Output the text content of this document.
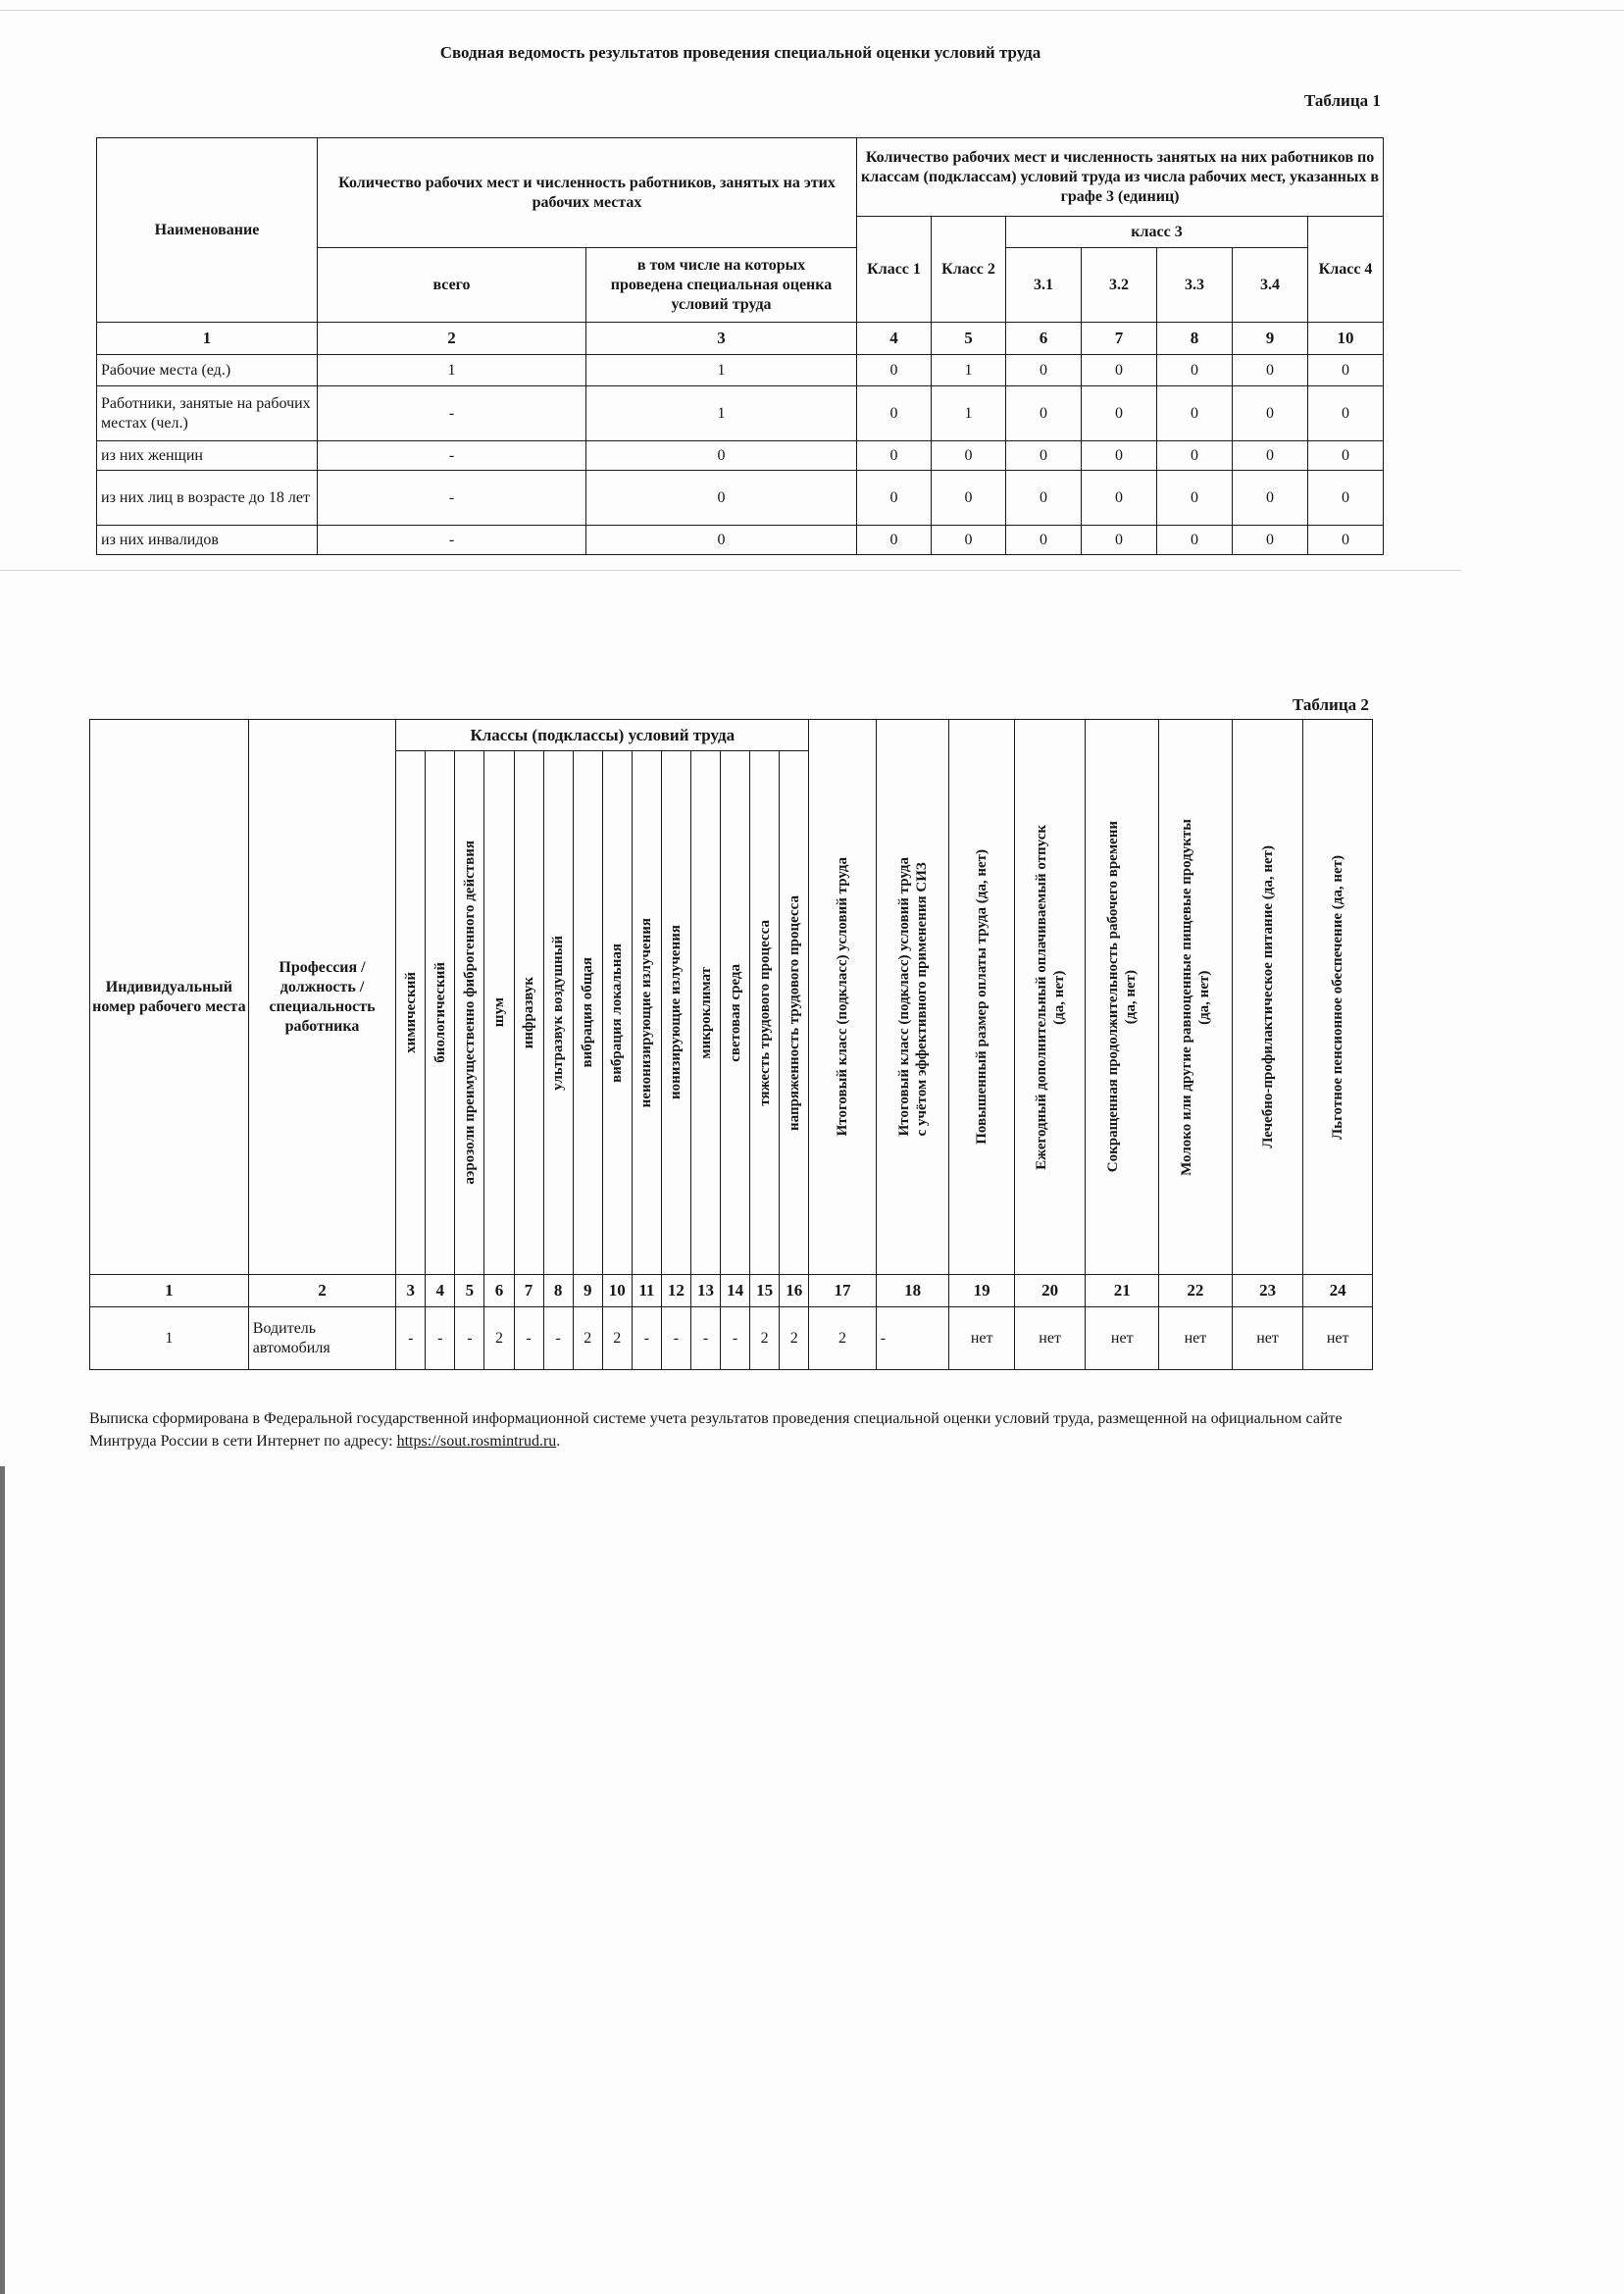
Сводная ведомость результатов проведения специальной оценки условий труда
Таблица 1
Наименование	Количество рабочих мест и численность работников, занятых на этих рабочих местах		Количество рабочих мест и численность занятых на них работников по классам (подклассам) условий труда из числа рабочих мест, указанных в графе 3 (единиц)						
			Класс 1	Класс 2	класс 3				Класс 4
	всего	в том числе на которых проведена специальная оценка условий труда			3.1	3.2	3.3	3.4	
1	2	3	4	5	6	7	8	9	10
Рабочие места (ед.)	1	1	0	1	0	0	0	0	0
Работники, занятые на рабочих местах (чел.)	-	1	0	1	0	0	0	0	0
из них женщин	-	0	0	0	0	0	0	0	0
из них лиц в возрасте до 18 лет	-	0	0	0	0	0	0	0	0
из них инвалидов	-	0	0	0	0	0	0	0	0
Таблица 2
Индивидуальный номер рабочего места	Профессия / должность / специальность работника	Классы (подклассы) условий труда														Итоговый класс (подкласс) условий труда	Итоговый класс (подкласс) условий труда с учётом эффективного применения СИЗ	Повышенный размер оплаты труда (да, нет)	Ежегодный дополнительный оплачиваемый отпуск (да, нет)	Сокращенная продолжительность рабочего времени (да, нет)	Молоко или другие равноценные пищевые продукты (да, нет)	Лечебно-профилактическое питание (да, нет)	Льготное пенсионное обеспечение (да, нет)

		химический	биологический	аэрозоли преимущественно фиброгенного действия	шум	инфразвук	ультразвук воздушный	вибрация общая	вибрация локальная	неионизирующие излучения	ионизирующие излучения	микроклимат	световая среда	тяжесть трудового процесса	напряженность трудового процесса								

1	2	3	4	5	6	7	8	9	10	11	12	13	14	15	16	17	18	19	20	21	22	23	24
1	Водитель автомобиля	-	-	-	2	-	-	2	2	-	-	-	-	2	2	2	-	нет	нет	нет	нет	нет	нет
Выписка сформирована в Федеральной государственной информационной системе учета результатов проведения специальной оценки условий труда, размещенной на официальном сайте Минтруда России в сети Интернет по адресу: https://sout.rosmintrud.ru.
